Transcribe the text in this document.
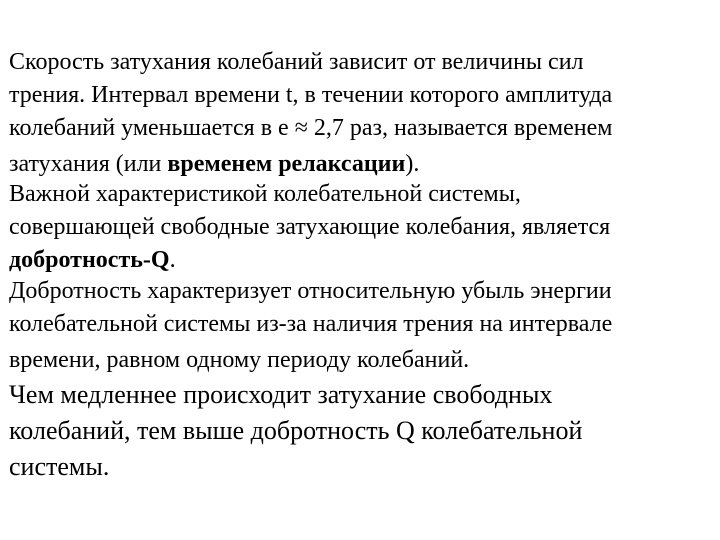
Скорость затухания колебаний зависит от величины сил
трения. Интервал времени t, в течении которого амплитуда
колебаний уменьшается в е ≈ 2,7 раз, называется временем
затухания (или временем релаксации).

Важной характеристикой колебательной системы,
совершающей свободные затухающие колебания, является
добротность-Q.

Добротность характеризует относительную убыль энергии
колебательной системы из-за наличия трения на интервале
времени, равном одному периоду колебаний.

Чем медленнее происходит затухание свободных
колебаний, тем выше добротность Q колебательной
системы.
